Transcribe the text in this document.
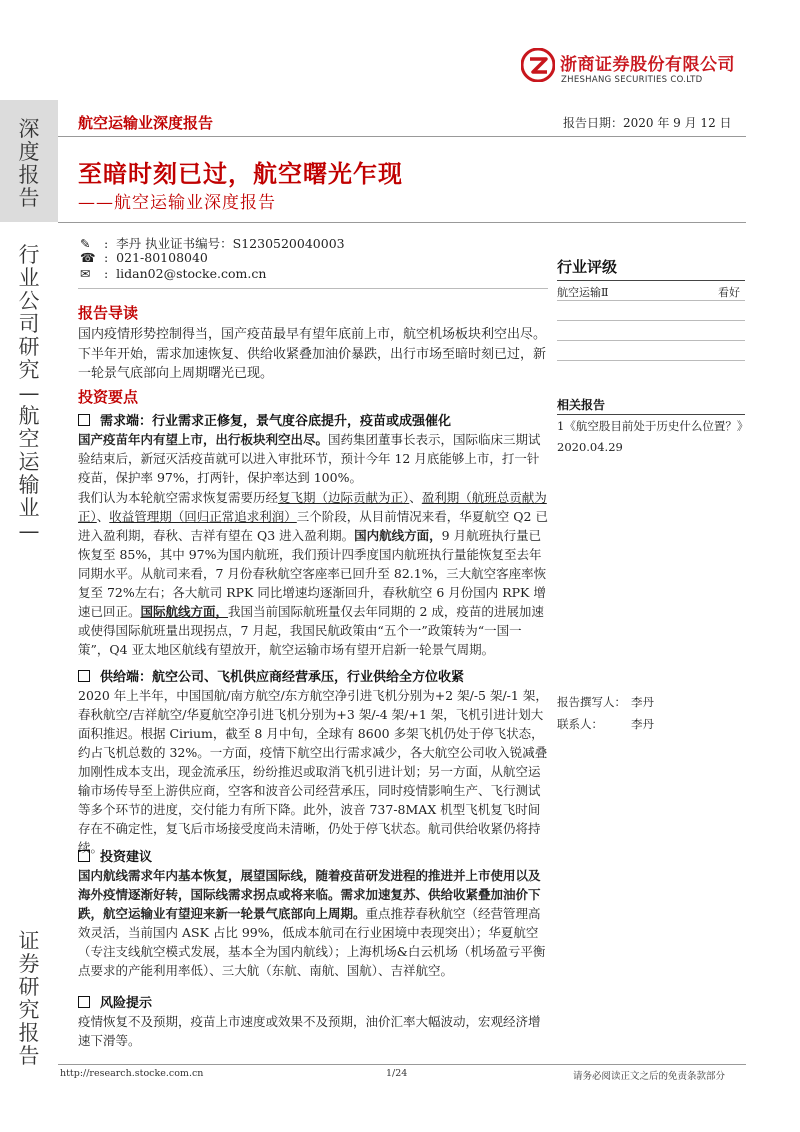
深
度
报
告
行
业
公
司
研
究
—
航
空
运
输
业
—
证
券
研
究
报
告
浙商证券股份有限公司
ZHESHANG SECURITIES CO.LTD
航空运输业深度报告	报告日期：2020 年 9 月 12 日
至暗时刻已过，航空曙光乍现
——航空运输业深度报告
✎ :  李丹 执业证书编号：S1230520040003
☎ :  021-80108040
✉ :  lidan02@stocke.com.cn	行业评级
航空运输Ⅱ	看好
相关报告
1《航空股目前处于历史什么位置？》
2020.04.29
报告撰写人： 李丹
联系人： 李丹
报告导读
国内疫情形势控制得当，国产疫苗最早有望年底前上市，航空机场板块利空出尽。下半年开始，需求加速恢复、供给收紧叠加油价暴跌，出行市场至暗时刻已过，新一轮景气底部向上周期曙光已现。
投资要点
需求端：行业需求正修复，景气度谷底提升，疫苗或成强催化
国产疫苗年内有望上市，出行板块利空出尽。国药集团董事长表示，国际临床三期试验结束后，新冠灭活疫苗就可以进入审批环节，预计今年 12 月底能够上市，打一针疫苗，保护率 97%，打两针，保护率达到 100%。
我们认为本轮航空需求恢复需要历经复飞期（边际贡献为正）、盈利期（航班总贡献为正）、收益管理期（回归正常追求利润）三个阶段，从目前情况来看，华夏航空 Q2 已进入盈利期，春秋、吉祥有望在 Q3 进入盈利期。国内航线方面，9 月航班执行量已恢复至 85%，其中 97%为国内航班，我们预计四季度国内航班执行量能恢复至去年同期水平。从航司来看，7 月份春秋航空客座率已回升至 82.1%，三大航空客座率恢复至 72%左右；各大航司 RPK 同比增速均逐渐回升，春秋航空 6 月份国内 RPK 增速已回正。国际航线方面，我国当前国际航班量仅去年同期的 2 成，疫苗的进展加速或使得国际航班量出现拐点，7 月起，我国民航政策由“五个一”政策转为“一国一策”，Q4 亚太地区航线有望放开，航空运输市场有望开启新一轮景气周期。
供给端：航空公司、飞机供应商经营承压，行业供给全方位收紧
2020 年上半年，中国国航/南方航空/东方航空净引进飞机分别为+2 架/-5 架/-1 架，春秋航空/吉祥航空/华夏航空净引进飞机分别为+3 架/-4 架/+1 架，飞机引进计划大面积推迟。根据 Cirium，截至 8 月中旬，全球有 8600 多架飞机仍处于停飞状态，约占飞机总数的 32%。一方面，疫情下航空出行需求减少，各大航空公司收入锐减叠加刚性成本支出，现金流承压，纷纷推迟或取消飞机引进计划；另一方面，从航空运输市场传导至上游供应商，空客和波音公司经营承压，同时疫情影响生产、飞行测试等多个环节的进度，交付能力有所下降。此外，波音 737-8MAX 机型飞机复飞时间存在不确定性，复飞后市场接受度尚未清晰，仍处于停飞状态。航司供给收紧仍将持续。
投资建议
国内航线需求年内基本恢复，展望国际线，随着疫苗研发进程的推进并上市使用以及海外疫情逐渐好转，国际线需求拐点或将来临。需求加速复苏、供给收紧叠加油价下跌，航空运输业有望迎来新一轮景气底部向上周期。重点推荐春秋航空（经营管理高效灵活，当前国内 ASK 占比 99%，低成本航司在行业困境中表现突出）；华夏航空（专注支线航空模式发展，基本全为国内航线）；上海机场&白云机场（机场盈亏平衡点要求的产能利用率低）、三大航（东航、南航、国航）、吉祥航空。
风险提示
疫情恢复不及预期，疫苗上市速度或效果不及预期，油价汇率大幅波动，宏观经济增速下滑等。
http://research.stocke.com.cn	1/24	请务必阅读正文之后的免责条款部分
